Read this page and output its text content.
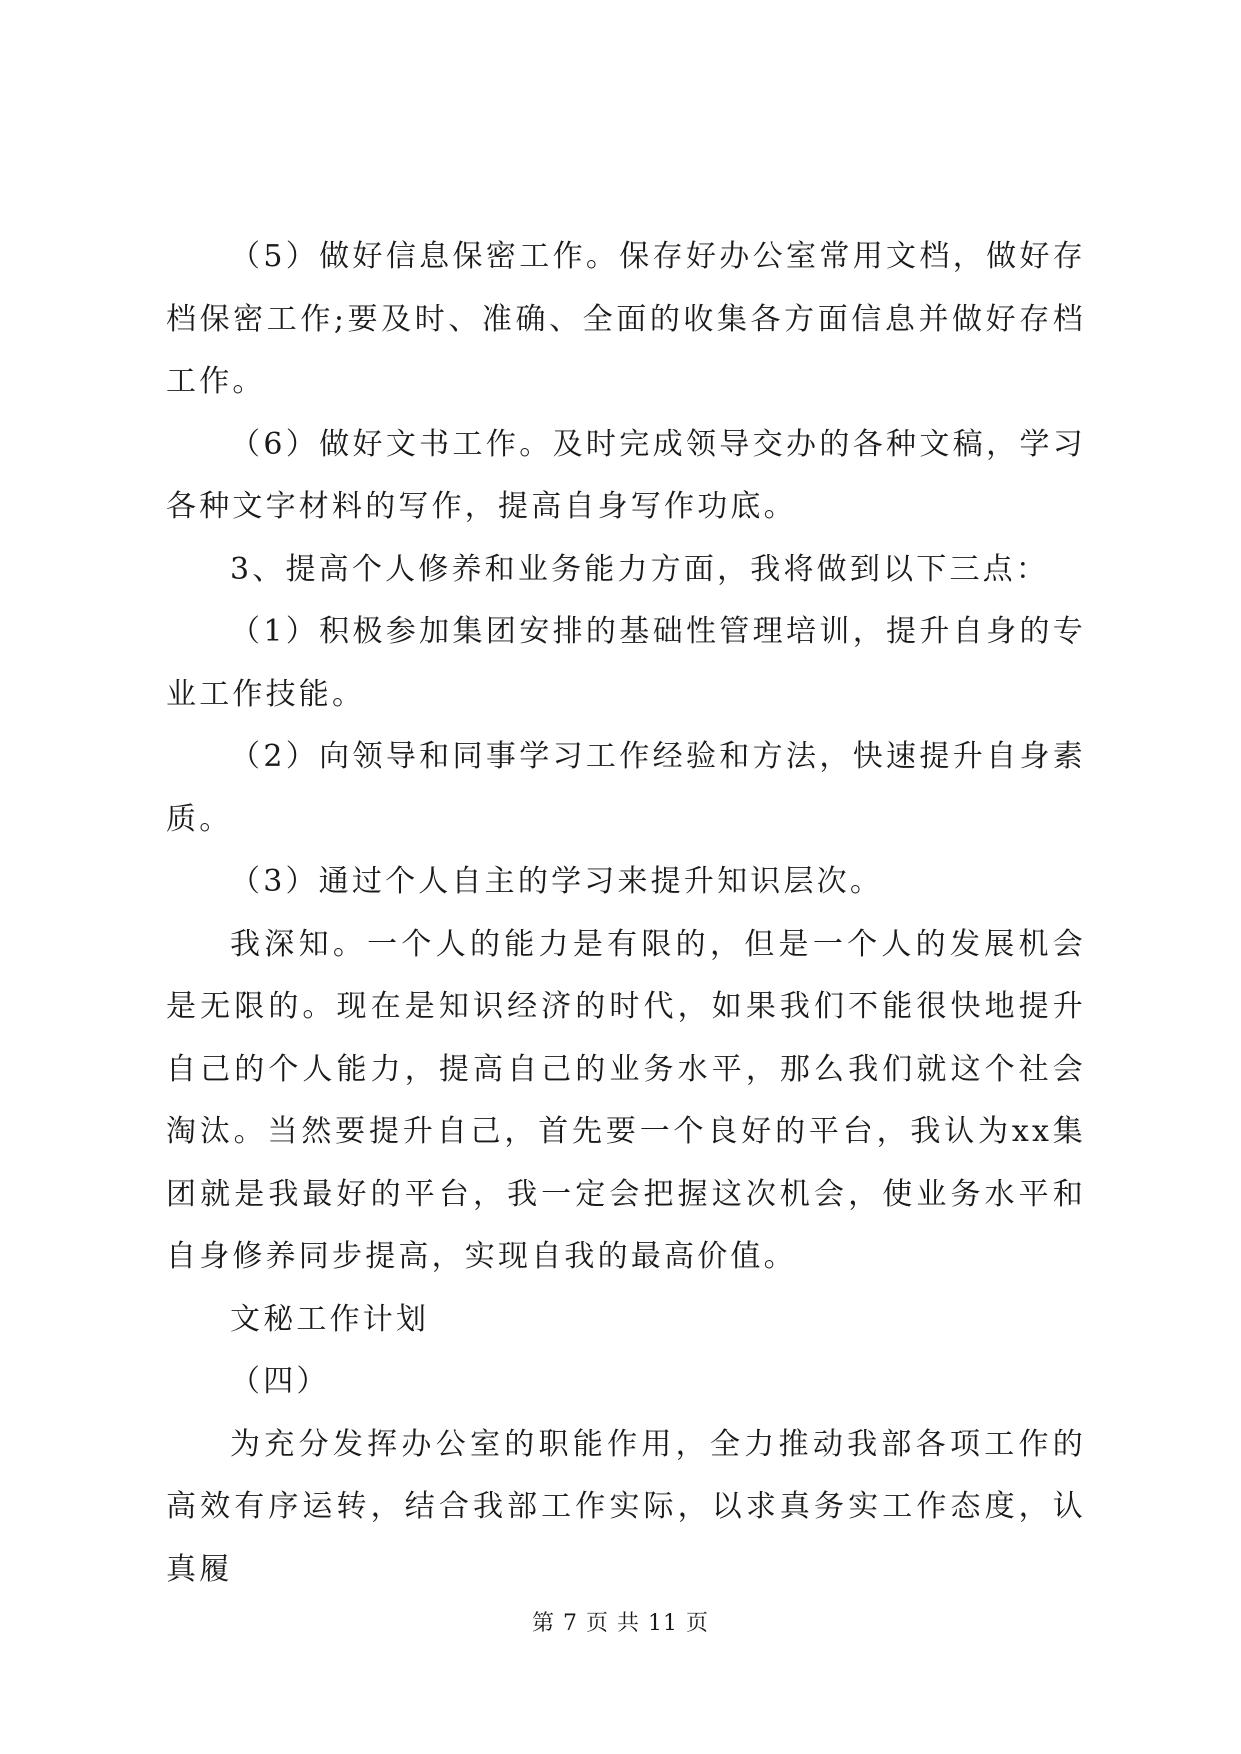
（5）做好信息保密工作。保存好办公室常用文档，做好存档保密工作;要及时、准确、全面的收集各方面信息并做好存档工作。

（6）做好文书工作。及时完成领导交办的各种文稿，学习各种文字材料的写作，提高自身写作功底。

3、提高个人修养和业务能力方面，我将做到以下三点：

（1）积极参加集团安排的基础性管理培训，提升自身的专业工作技能。

（2）向领导和同事学习工作经验和方法，快速提升自身素质。

（3）通过个人自主的学习来提升知识层次。

我深知。一个人的能力是有限的，但是一个人的发展机会是无限的。现在是知识经济的时代，如果我们不能很快地提升自己的个人能力，提高自己的业务水平，那么我们就这个社会淘汰。当然要提升自己，首先要一个良好的平台，我认为xx集团就是我最好的平台，我一定会把握这次机会，使业务水平和自身修养同步提高，实现自我的最高价值。

文秘工作计划

（四）

为充分发挥办公室的职能作用，全力推动我部各项工作的高效有序运转，结合我部工作实际，以求真务实工作态度，认真履

第 7 页 共 11 页
